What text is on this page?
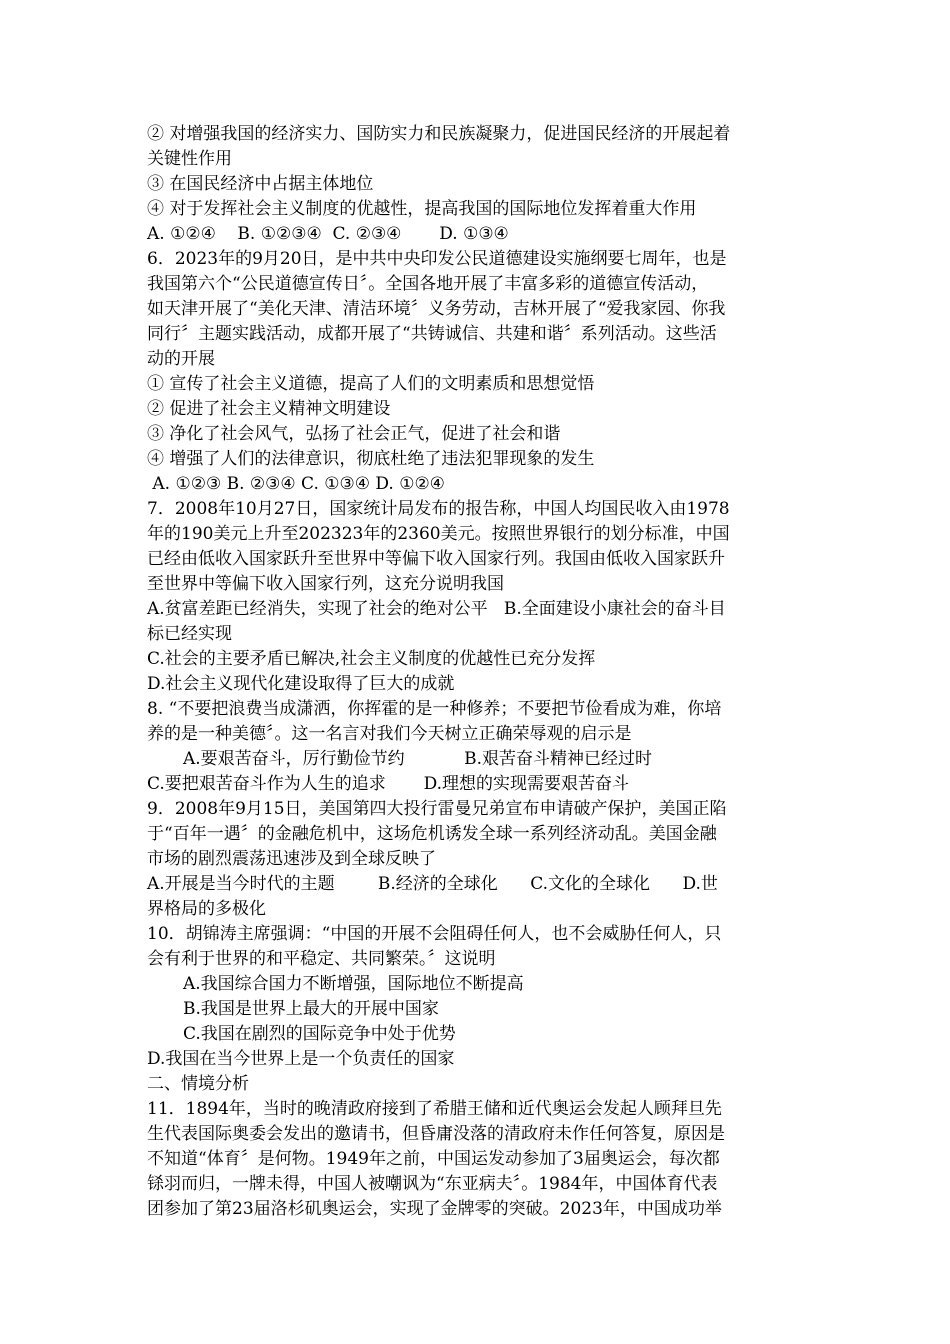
② 对增强我国的经济实力、国防实力和民族凝聚力，促进国民经济的开展起着
关键性作用
③ 在国民经济中占据主体地位
④ 对于发挥社会主义制度的优越性，提高我国的国际地位发挥着重大作用
A. ①②④    B. ①②③④  C. ②③④       D. ①③④
6．2023年的9月20日，是中共中央印发公民道德建设实施纲要七周年，也是
我国第六个“公民道德宣传日〞。全国各地开展了丰富多彩的道德宣传活动，
如天津开展了“美化天津、清洁环境〞义务劳动，吉林开展了“爱我家园、你我
同行〞主题实践活动，成都开展了“共铸诚信、共建和谐〞系列活动。这些活
动的开展
① 宣传了社会主义道德，提高了人们的文明素质和思想觉悟
② 促进了社会主义精神文明建设
③ 净化了社会风气，弘扬了社会正气，促进了社会和谐
④ 增强了人们的法律意识，彻底杜绝了违法犯罪现象的发生
A. ①②③ B. ②③④ C. ①③④ D. ①②④
7．2008年10月27日，国家统计局发布的报告称，中国人均国民收入由1978
年的190美元上升至202323年的2360美元。按照世界银行的划分标准，中国
已经由低收入国家跃升至世界中等偏下收入国家行列。我国由低收入国家跃升
至世界中等偏下收入国家行列，这充分说明我国
A.贫富差距已经消失，实现了社会的绝对公平   B.全面建设小康社会的奋斗目
标已经实现
C.社会的主要矛盾已解决,社会主义制度的优越性已充分发挥
D.社会主义现代化建设取得了巨大的成就
8. “不要把浪费当成潇洒，你挥霍的是一种修养；不要把节俭看成为难，你培
养的是一种美德〞。这一名言对我们今天树立正确荣辱观的启示是
A.要艰苦奋斗，厉行勤俭节约           B.艰苦奋斗精神已经过时
C.要把艰苦奋斗作为人生的追求       D.理想的实现需要艰苦奋斗
9．2008年9月15日，美国第四大投行雷曼兄弟宣布申请破产保护，美国正陷
于“百年一遇〞的金融危机中，这场危机诱发全球一系列经济动乱。美国金融
市场的剧烈震荡迅速涉及到全球反映了
A.开展是当今时代的主题        B.经济的全球化      C.文化的全球化      D.世
界格局的多极化
10．胡锦涛主席强调：“中国的开展不会阻碍任何人，也不会威胁任何人，只
会有利于世界的和平稳定、共同繁荣。〞这说明
A.我国综合国力不断增强，国际地位不断提高
B.我国是世界上最大的开展中国家
C.我国在剧烈的国际竞争中处于优势
D.我国在当今世界上是一个负责任的国家
二、情境分析
11．1894年，当时的晚清政府接到了希腊王储和近代奥运会发起人顾拜旦先
生代表国际奥委会发出的邀请书，但昏庸没落的清政府未作任何答复，原因是
不知道“体育〞是何物。1949年之前，中国运发动参加了3届奥运会，每次都
铩羽而归，一牌未得，中国人被嘲讽为“东亚病夫〞。1984年，中国体育代表
团参加了第23届洛杉矶奥运会，实现了金牌零的突破。2023年，中国成功举
